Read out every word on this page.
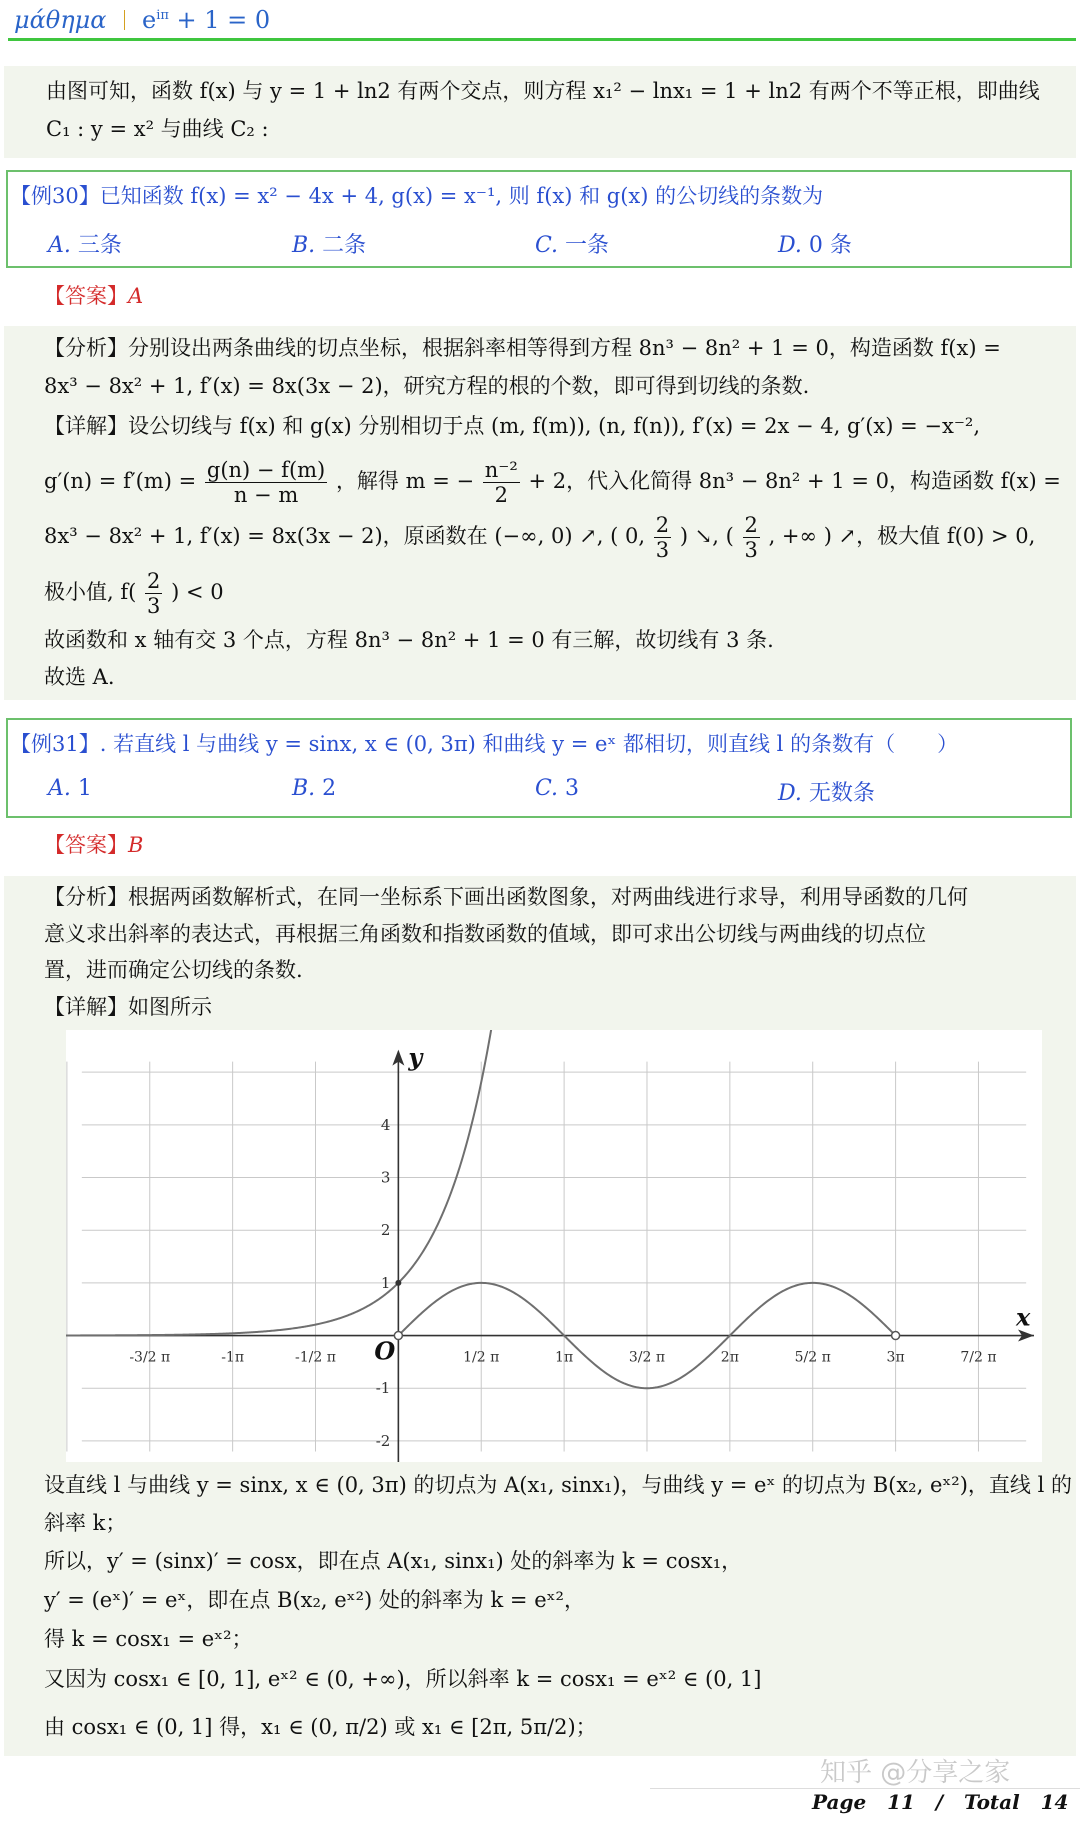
μάθημα $e^{i\pi} + 1 = 0$
由图可知，函数 f(x) 与 y = 1 + ln2 有两个交点，则方程 x₁² − lnx₁ = 1 + ln2 有两个不等正根，即曲线
C₁ : y = x² 与曲线 C₂ :
【例30】已知函数 f(x) = x² − 4x + 4, g(x) = x⁻¹, 则 f(x) 和 g(x) 的公切线的条数为
A. 三条	B. 二条	C. 一条	D. 0 条
【答案】A
【分析】分别设出两条曲线的切点坐标，根据斜率相等得到方程 8n³ − 8n² + 1 = 0，构造函数 f(x) =
8x³ − 8x² + 1, f′(x) = 8x(3x − 2)，研究方程的根的个数，即可得到切线的条数.
【详解】设公切线与 f(x) 和 g(x) 分别相切于点 (m, f(m)), (n, f(n)), f′(x) = 2x − 4, g′(x) = −x⁻²,
$g'(n) = f'(m) = \frac{g(n) - f(m)}{n - m}$ ，解得 m = − $\frac{\text{n⁻²}}{2} + 2$，代入化简得 8n³ − 8n² + 1 = 0，构造函数 f(x) =
8x³ − 8x² + 1, f′(x) = 8x(3x − 2)，原函数在 (−∞, 0) ↗, ( 0, $\frac{2}{3}$ ) ↘, ( $\frac{2}{3}$ , +∞ ) ↗，极大值 f(0) > 0,
极小值, $f( \frac{2}{3}$ ) < 0
故函数和 x 轴有交 3 个点，方程 8n³ − 8n² + 1 = 0 有三解，故切线有 3 条.
故选 A.
【例31】. 若直线 l 与曲线 y = sinx, x ∈ (0, 3π) 和曲线 y = eˣ 都相切，则直线 l 的条数有（　　）
A. 1	B. 2	C. 3	D. 无数条
【答案】B
【分析】根据两函数解析式，在同一坐标系下画出函数图象，对两曲线进行求导，利用导函数的几何
意义求出斜率的表达式，再根据三角函数和指数函数的值域，即可求出公切线与两曲线的切点位
置，进而确定公切线的条数.
【详解】如图所示
-3/2 π	-1π	-1/2 π	1/2 π	1π	3/2 π	2π	5/2 π	3π	7/2 π
-2
-1
1
2
3
4
x
y
O
设直线 l 与曲线 y = sinx, x ∈ (0, 3π) 的切点为 A(x₁, sinx₁)，与曲线 y = eˣ 的切点为 B(x₂, eˣ²)，直线 l 的
斜率 k；
所以，y′ = (sinx)′ = cosx，即在点 A(x₁, sinx₁) 处的斜率为 k = cosx₁，
y′ = (eˣ)′ = eˣ，即在点 B(x₂, eˣ²) 处的斜率为 k = eˣ²，
得 k = cosx₁ = eˣ²；
又因为 cosx₁ ∈ [0, 1], eˣ² ∈ (0, +∞)，所以斜率 k = cosx₁ = eˣ² ∈ (0, 1]
由 cosx₁ ∈ (0, 1] 得，x₁ ∈ (0, π/2) 或 x₁ ∈ [2π, 5π/2)；
知乎 @分享之家
Page 11 / Total 14
